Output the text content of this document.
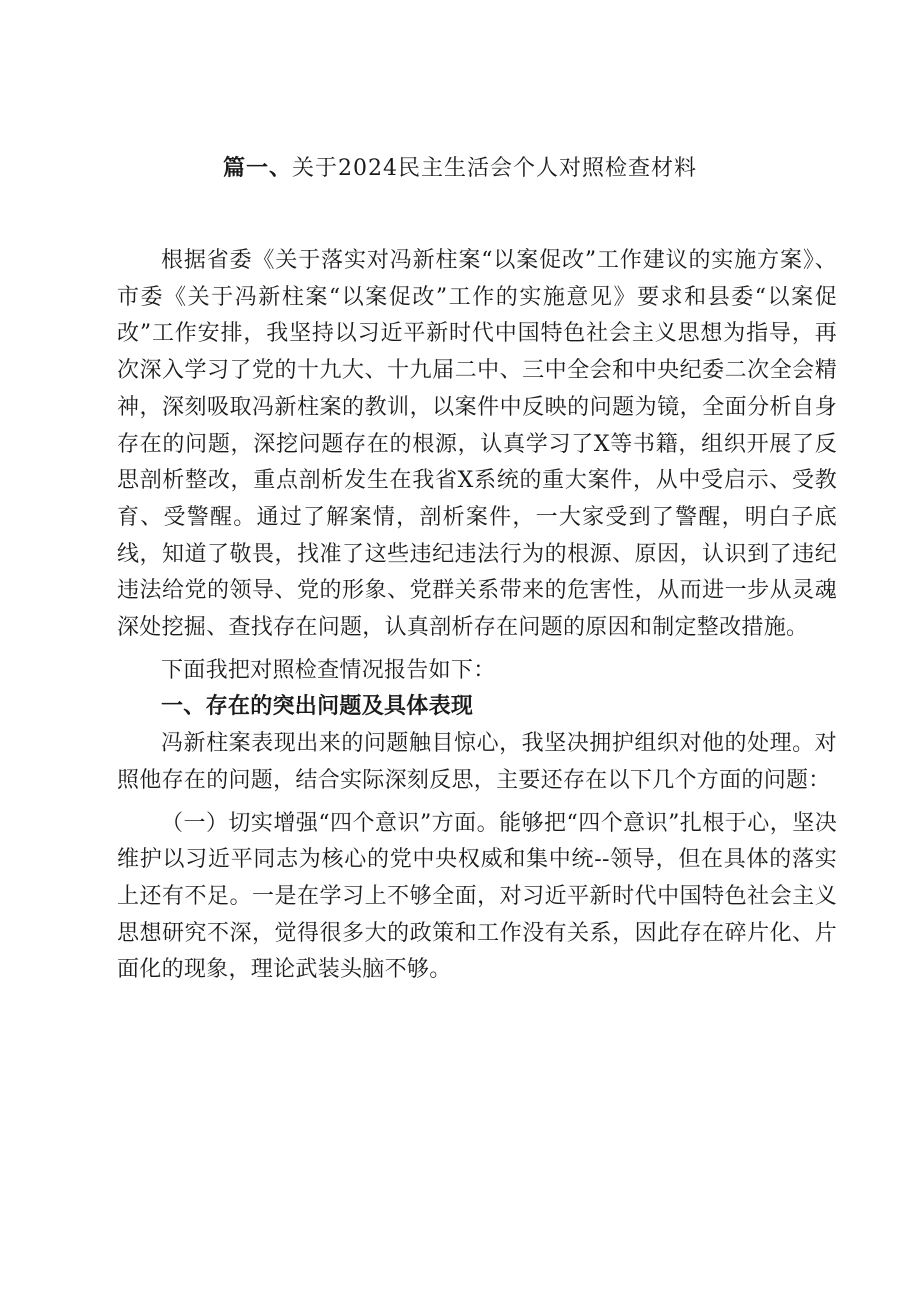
篇一、关于2024民主生活会个人对照检查材料

根据省委《关于落实对冯新柱案“以案促改”工作建议的实施方案》、市委《关于冯新柱案“以案促改”工作的实施意见》要求和县委“以案促改”工作安排，我坚持以习近平新时代中国特色社会主义思想为指导，再次深入学习了党的十九大、十九届二中、三中全会和中央纪委二次全会精神，深刻吸取冯新柱案的教训，以案件中反映的问题为镜，全面分析自身存在的问题，深挖问题存在的根源，认真学习了X等书籍，组织开展了反思剖析整改，重点剖析发生在我省X系统的重大案件，从中受启示、受教育、受警醒。通过了解案情，剖析案件，一大家受到了警醒，明白子底线，知道了敬畏，找准了这些违纪违法行为的根源、原因，认识到了违纪违法给党的领导、党的形象、党群关系带来的危害性，从而进一步从灵魂深处挖掘、查找存在问题，认真剖析存在问题的原因和制定整改措施。

下面我把对照检查情况报告如下：

一、存在的突出问题及具体表现

冯新柱案表现出来的问题触目惊心，我坚决拥护组织对他的处理。对照他存在的问题，结合实际深刻反思，主要还存在以下几个方面的问题：

（一）切实增强“四个意识”方面。能够把“四个意识”扎根于心，坚决维护以习近平同志为核心的党中央权威和集中统--领导，但在具体的落实上还有不足。一是在学习上不够全面，对习近平新时代中国特色社会主义思想研究不深，觉得很多大的政策和工作没有关系，因此存在碎片化、片面化的现象，理论武装头脑不够。
